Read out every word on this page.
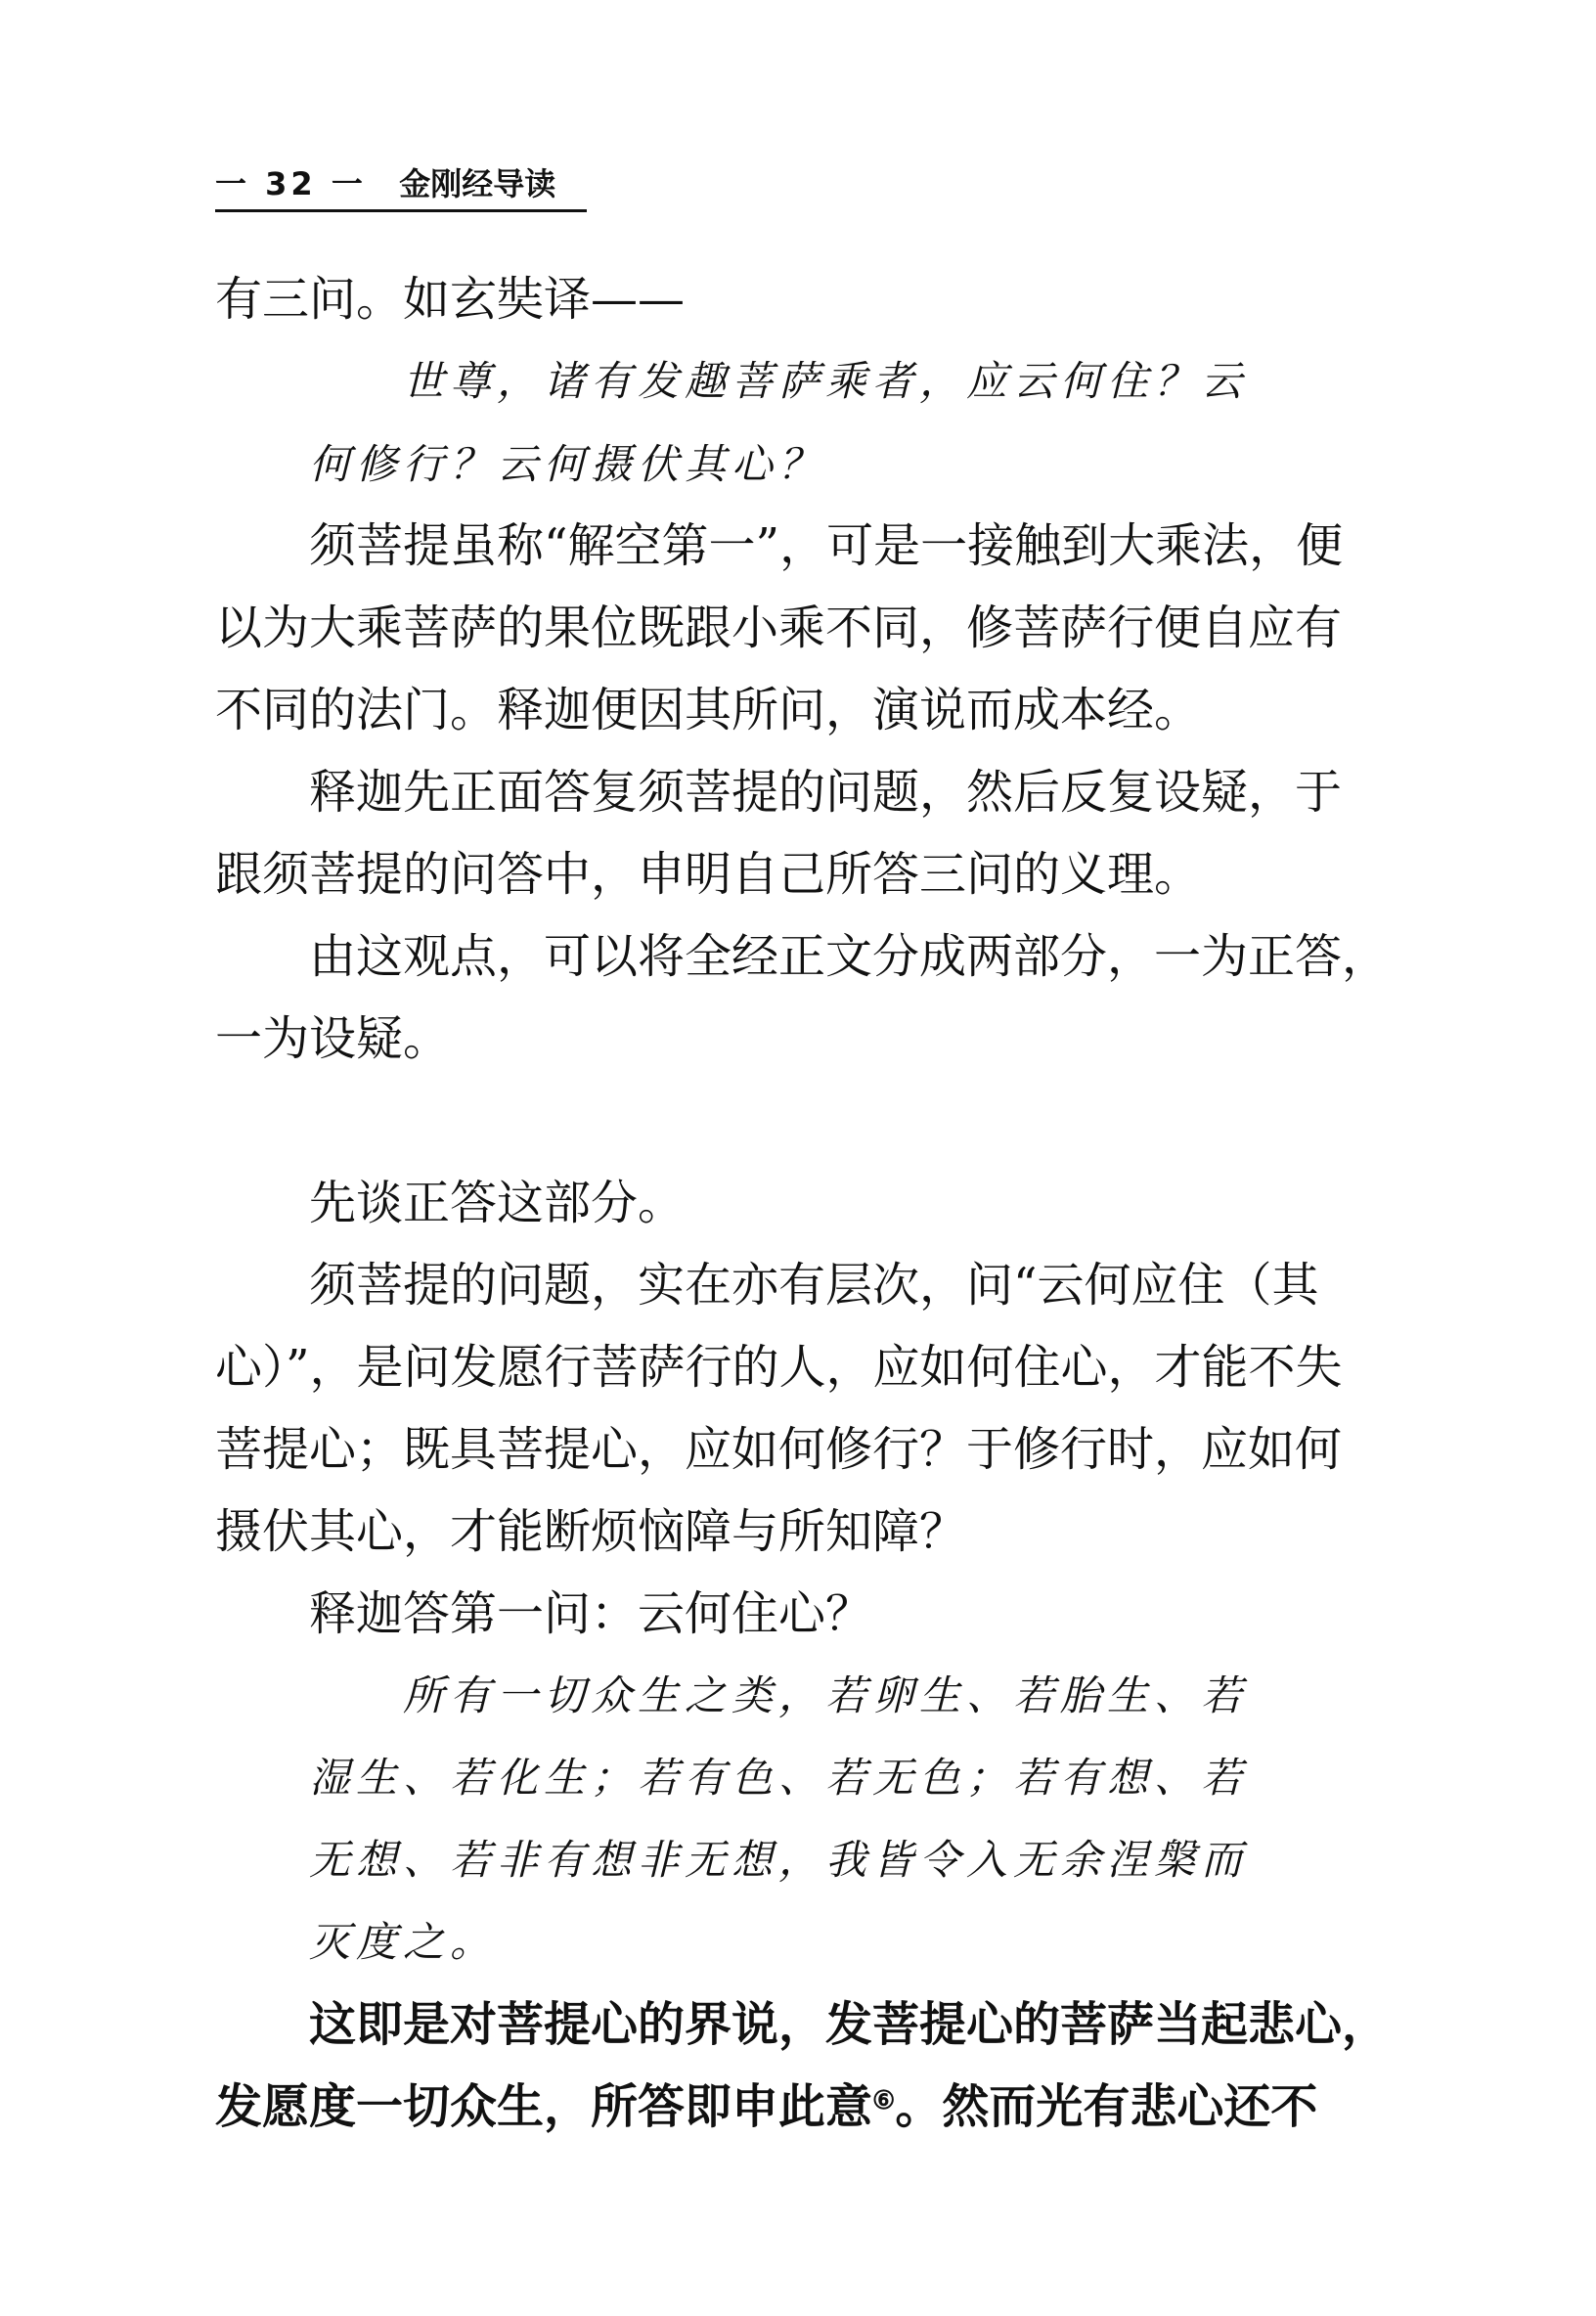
一 32 一 金刚经导读
有三问。如玄奘译——
世尊，诸有发趣菩萨乘者，应云何住？云
何修行？云何摄伏其心？
须菩提虽称“解空第一”，可是一接触到大乘法，便
以为大乘菩萨的果位既跟小乘不同，修菩萨行便自应有
不同的法门。释迦便因其所问，演说而成本经。
释迦先正面答复须菩提的问题，然后反复设疑，于
跟须菩提的问答中，申明自己所答三问的义理。
由这观点，可以将全经正文分成两部分，一为正答，
一为设疑。
先谈正答这部分。
须菩提的问题，实在亦有层次，问“云何应住（其
心）”，是问发愿行菩萨行的人，应如何住心，才能不失
菩提心；既具菩提心，应如何修行？于修行时，应如何
摄伏其心，才能断烦恼障与所知障？
释迦答第一问：云何住心？
所有一切众生之类，若卵生、若胎生、若
湿生、若化生；若有色、若无色；若有想、若
无想、若非有想非无想，我皆令入无余涅槃而
灭度之。
这即是对菩提心的界说，发菩提心的菩萨当起悲心，
发愿度一切众生，所答即申此意⑥。然而光有悲心还不
